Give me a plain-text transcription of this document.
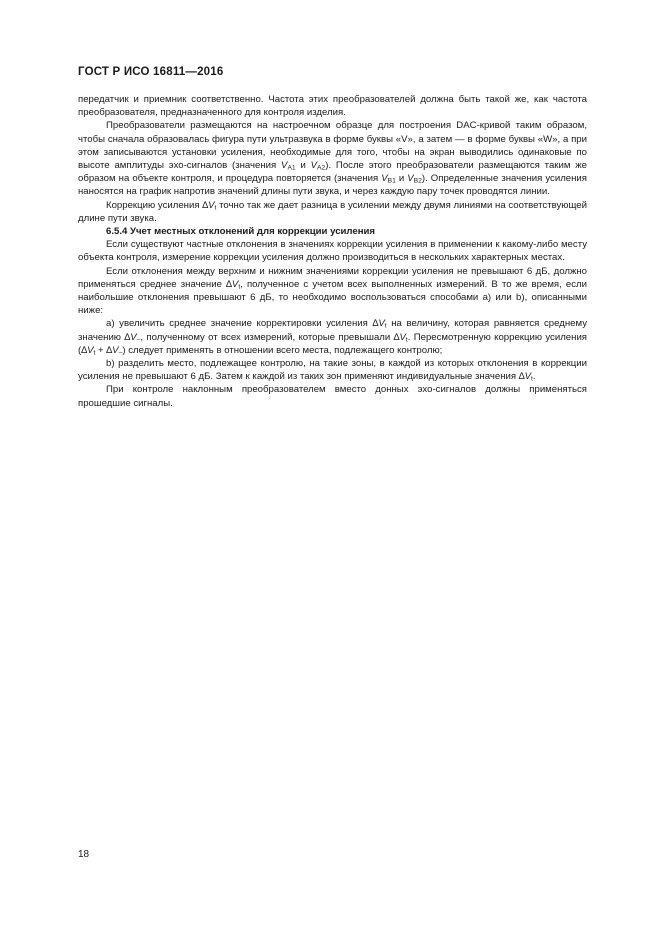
ГОСТ Р ИСО 16811—2016

передатчик и приемник соответственно. Частота этих преобразователей должна быть такой же, как частота преобразователя, предназначенного для контроля изделия.

Преобразователи размещаются на настроечном образце для построения DAC-кривой таким образом, чтобы сначала образовалась фигура пути ультразвука в форме буквы «V», а затем — в форме буквы «W», а при этом записываются установки усиления, необходимые для того, чтобы на экран выводились одинаковые по высоте амплитуды эхо-сигналов (значения $V_{A1}$ и $V_{A2}$). После этого преобразователи размещаются таким же образом на объекте контроля, и процедура повторяется (значения $V_{B1}$ и $V_{B2}$). Определенные значения усиления наносятся на график напротив значений длины пути звука, и через каждую пару точек проводятся линии.

Коррекцию усиления $\Delta V_t$ точно так же дает разница в усилении между двумя линиями на соответствующей длине пути звука.

6.5.4 Учет местных отклонений для коррекции усиления

Если существуют частные отклонения в значениях коррекции усиления в применении к какому-либо месту объекта контроля, измерение коррекции усиления должно производиться в нескольких характерных местах.

Если отклонения между верхним и нижним значениями коррекции усиления не превышают 6 дБ, должно применяться среднее значение $\Delta V_t$, полученное с учетом всех выполненных измерений. В то же время, если наибольшие отклонения превышают 6 дБ, то необходимо воспользоваться способами a) или b), описанными ниже:

a) увеличить среднее значение корректировки усиления $\Delta V_t$ на величину, которая равняется среднему значению $\Delta V_-$, полученному от всех измерений, которые превышали $\Delta V_t$. Пересмотренную коррекцию усиления $(\Delta V_t + \Delta V_-)$ следует применять в отношении всего места, подлежащего контролю;

b) разделить место, подлежащее контролю, на такие зоны, в каждой из которых отклонения в коррекции усиления не превышают 6 дБ. Затем к каждой из таких зон применяют индивидуальные значения $\Delta V_t$.

При контроле наклонным преобразователем вместо донных эхо-сигналов должны применяться прошедшие сигналы.

18
